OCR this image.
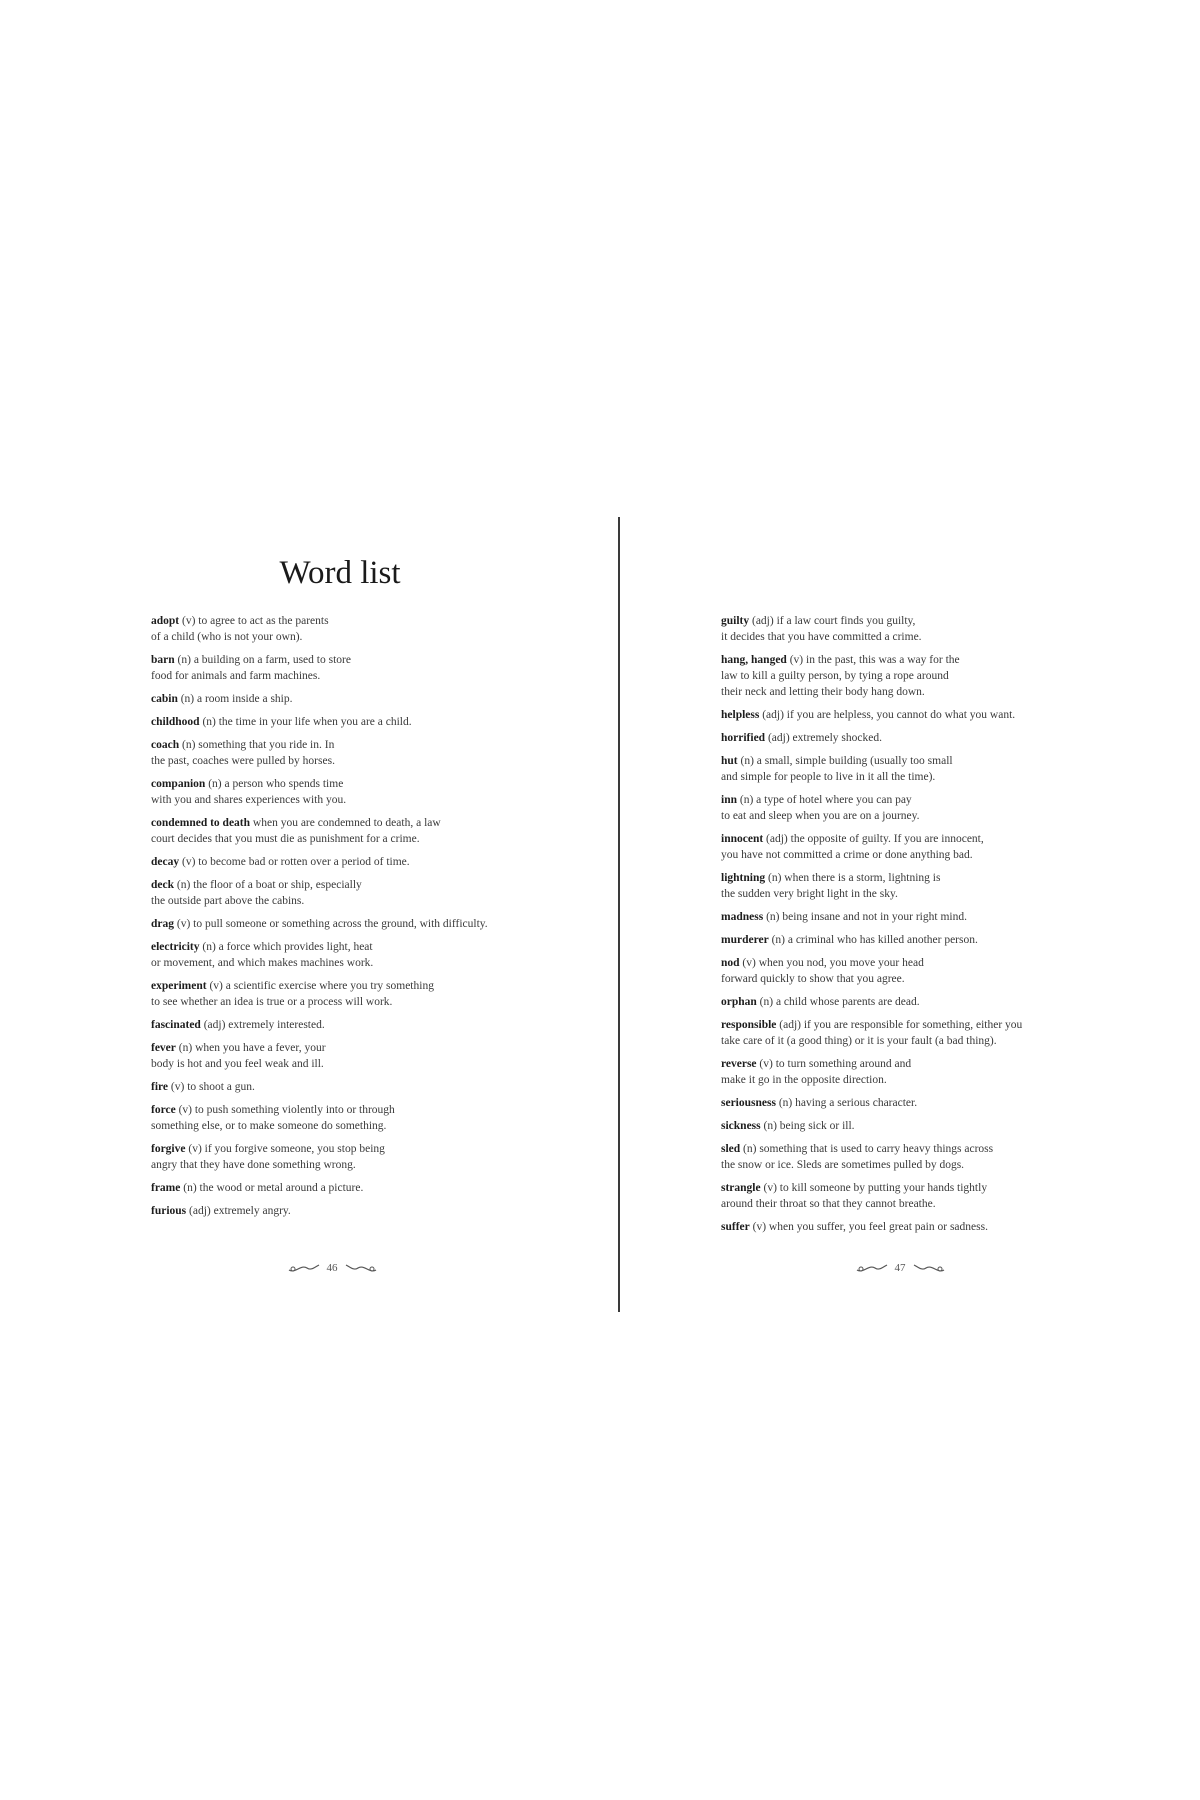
Word list
adopt (v) to agree to act as the parents
of a child (who is not your own).
barn (n) a building on a farm, used to store
food for animals and farm machines.
cabin (n) a room inside a ship.
childhood (n) the time in your life when you are a child.
coach (n) something that you ride in. In
the past, coaches were pulled by horses.
companion (n) a person who spends time
with you and shares experiences with you.
condemned to death when you are condemned to death, a law
court decides that you must die as punishment for a crime.
decay (v) to become bad or rotten over a period of time.
deck (n) the floor of a boat or ship, especially
the outside part above the cabins.
drag (v) to pull someone or something across the ground, with difficulty.
electricity (n) a force which provides light, heat
or movement, and which makes machines work.
experiment (v) a scientific exercise where you try something
to see whether an idea is true or a process will work.
fascinated (adj) extremely interested.
fever (n) when you have a fever, your
body is hot and you feel weak and ill.
fire (v) to shoot a gun.
force (v) to push something violently into or through
something else, or to make someone do something.
forgive (v) if you forgive someone, you stop being
angry that they have done something wrong.
frame (n) the wood or metal around a picture.
furious (adj) extremely angry.
guilty (adj) if a law court finds you guilty,
it decides that you have committed a crime.
hang, hanged (v) in the past, this was a way for the
law to kill a guilty person, by tying a rope around
their neck and letting their body hang down.
helpless (adj) if you are helpless, you cannot do what you want.
horrified (adj) extremely shocked.
hut (n) a small, simple building (usually too small
and simple for people to live in it all the time).
inn (n) a type of hotel where you can pay
to eat and sleep when you are on a journey.
innocent (adj) the opposite of guilty. If you are innocent,
you have not committed a crime or done anything bad.
lightning (n) when there is a storm, lightning is
the sudden very bright light in the sky.
madness (n) being insane and not in your right mind.
murderer (n) a criminal who has killed another person.
nod (v) when you nod, you move your head
forward quickly to show that you agree.
orphan (n) a child whose parents are dead.
responsible (adj) if you are responsible for something, either you
take care of it (a good thing) or it is your fault (a bad thing).
reverse (v) to turn something around and
make it go in the opposite direction.
seriousness (n) having a serious character.
sickness (n) being sick or ill.
sled (n) something that is used to carry heavy things across
the snow or ice. Sleds are sometimes pulled by dogs.
strangle (v) to kill someone by putting your hands tightly
around their throat so that they cannot breathe.
suffer (v) when you suffer, you feel great pain or sadness.
46	47
